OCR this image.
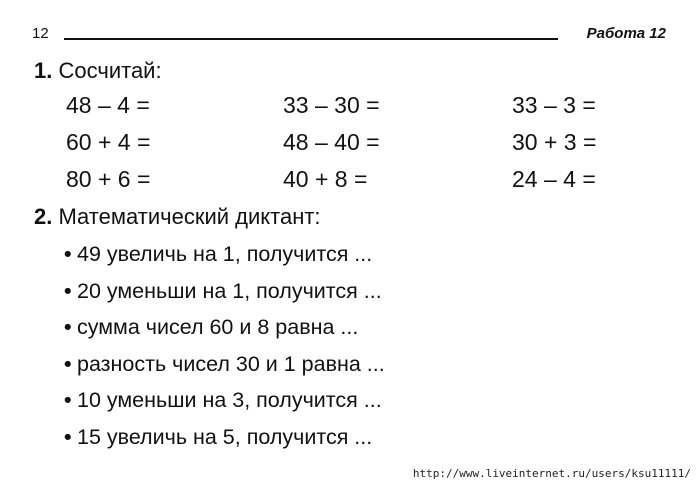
12	Работа 12
1. Сосчитай:
48 – 4 =	33 – 30 =	33 – 3 =
60 + 4 =	48 – 40 =	30 + 3 =
80 + 6 =	40 + 8 =	24 – 4 =
2. Математический диктант:
• 49 увеличь на 1, получится ...
• 20 уменьши на 1, получится ...
• сумма чисел 60 и 8 равна ...
• разность чисел 30 и 1 равна ...
• 10 уменьши на 3, получится ...
• 15 увеличь на 5, получится ...
http://www.liveinternet.ru/users/ksu11111/
